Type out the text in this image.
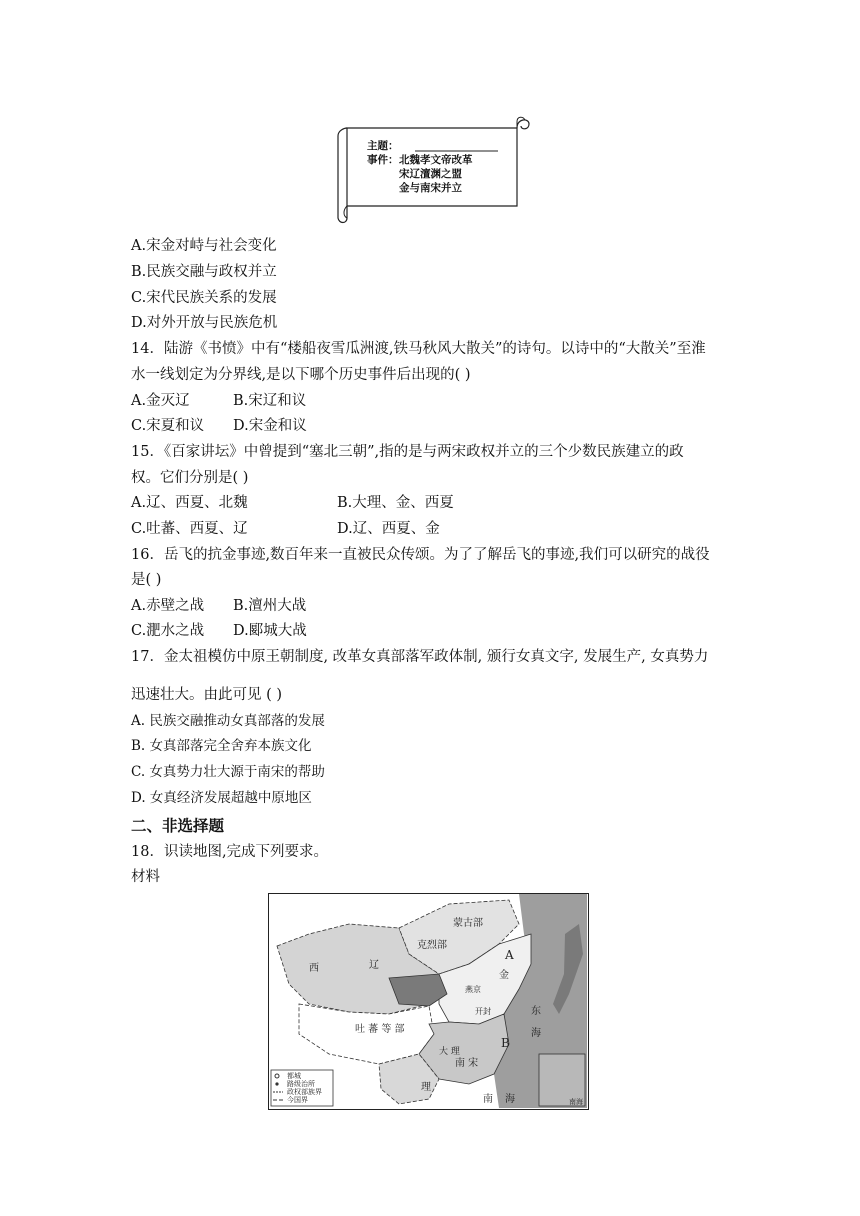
主题：
事件： 北魏孝文帝改革
宋辽澶渊之盟
金与南宋并立
A.宋金对峙与社会变化
B.民族交融与政权并立
C.宋代民族关系的发展
D.对外开放与民族危机
14．陆游《书愤》中有“楼船夜雪瓜洲渡,铁马秋风大散关”的诗句。以诗中的“大散关”至淮
水一线划定为分界线,是以下哪个历史事件后出现的( )
A.金灭辽	B.宋辽和议
C.宋夏和议 D.宋金和议
15．《百家讲坛》中曾提到“塞北三朝”,指的是与两宋政权并立的三个少数民族建立的政
权。它们分别是( )
A.辽、西夏、北魏	B.大理、金、西夏
C.吐蕃、西夏、辽	D.辽、西夏、金
16．岳飞的抗金事迹,数百年来一直被民众传颂。为了了解岳飞的事迹,我们可以研究的战役
是( )
A.赤壁之战 B.澶州大战
C.淝水之战 D.郾城大战
17．金太祖模仿中原王朝制度, 改革女真部落军政体制, 颁行女真文字, 发展生产, 女真势力
迅速壮大。由此可见 ( )
A. 民族交融推动女真部落的发展
B. 女真部落完全舍弃本族文化
C. 女真势力壮大源于南宋的帮助
D. 女真经济发展超越中原地区
二、非选择题
18．识读地图,完成下列要求。
材料
西	辽
克烈部
蒙古部
A
金
燕京
吐 蕃 等 部
开封
大 理
南 宋
B
东
海
南 海
理
都城
路级治所
政权部族界
今国界	南海
